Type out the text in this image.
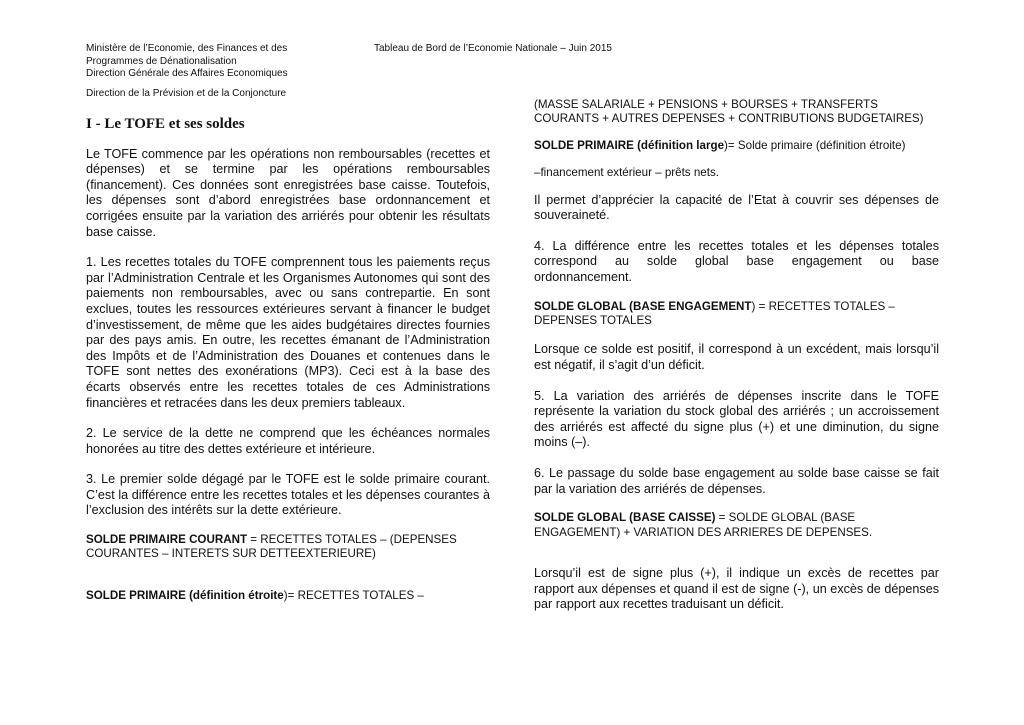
Ministère de l’Economie, des Finances et des
Programmes de Dénationalisation
Direction Générale des Affaires Economiques
Tableau de Bord de l’Economie Nationale – Juin 2015
Direction de la Prévision et de la Conjoncture

I - Le TOFE et ses soldes

Le TOFE commence par les opérations non remboursables (recettes et dépenses) et se termine par les opérations remboursables (financement). Ces données sont enregistrées base caisse. Toutefois, les dépenses sont d’abord enregistrées base ordonnancement et corrigées ensuite par la variation des arriérés pour obtenir les résultats base caisse.

1. Les recettes totales du TOFE comprennent tous les paiements reçus par l’Administration Centrale et les Organismes Autonomes qui sont des paiements non remboursables, avec ou sans contrepartie. En sont exclues, toutes les ressources extérieures servant à financer le budget d’investissement, de même que les aides budgétaires directes fournies par des pays amis. En outre, les recettes émanant de l’Administration des Impôts et de l’Administration des Douanes et contenues dans le TOFE sont nettes des exonérations (MP3). Ceci est à la base des écarts observés entre les recettes totales de ces Administrations financières et retracées dans les deux premiers tableaux.

2. Le service de la dette ne comprend que les échéances normales honorées au titre des dettes extérieure et intérieure.

3. Le premier solde dégagé par le TOFE est le solde primaire courant. C’est la différence entre les recettes totales et les dépenses courantes à l’exclusion des intérêts sur la dette extérieure.

SOLDE PRIMAIRE COURANT = RECETTES TOTALES – (DEPENSES COURANTES – INTERETS SUR DETTEEXTERIEURE)

SOLDE PRIMAIRE (définition étroite)= RECETTES TOTALES –

(MASSE SALARIALE + PENSIONS + BOURSES + TRANSFERTS COURANTS + AUTRES DEPENSES + CONTRIBUTIONS BUDGETAIRES)

SOLDE PRIMAIRE (définition large)= Solde primaire (définition étroite)

–financement extérieur – prêts nets.

Il permet d’apprécier la capacité de l’Etat à couvrir ses dépenses de souveraineté.

4. La différence entre les recettes totales et les dépenses totales correspond au solde global base engagement ou base ordonnancement.

SOLDE GLOBAL (BASE ENGAGEMENT) = RECETTES TOTALES – DEPENSES TOTALES

Lorsque ce solde est positif, il correspond à un excédent, mais lorsqu’il est négatif, il s’agit d’un déficit.

5. La variation des arriérés de dépenses inscrite dans le TOFE représente la variation du stock global des arriérés ; un accroissement des arriérés est affecté du signe plus (+) et une diminution, du signe moins (–).

6. Le passage du solde base engagement au solde base caisse se fait par la variation des arriérés de dépenses.

SOLDE GLOBAL (BASE CAISSE) = SOLDE GLOBAL (BASE ENGAGEMENT) + VARIATION DES ARRIERES DE DEPENSES.

Lorsqu’il est de signe plus (+), il indique un excès de recettes par rapport aux dépenses et quand il est de signe (-), un excès de dépenses par rapport aux recettes traduisant un déficit.
